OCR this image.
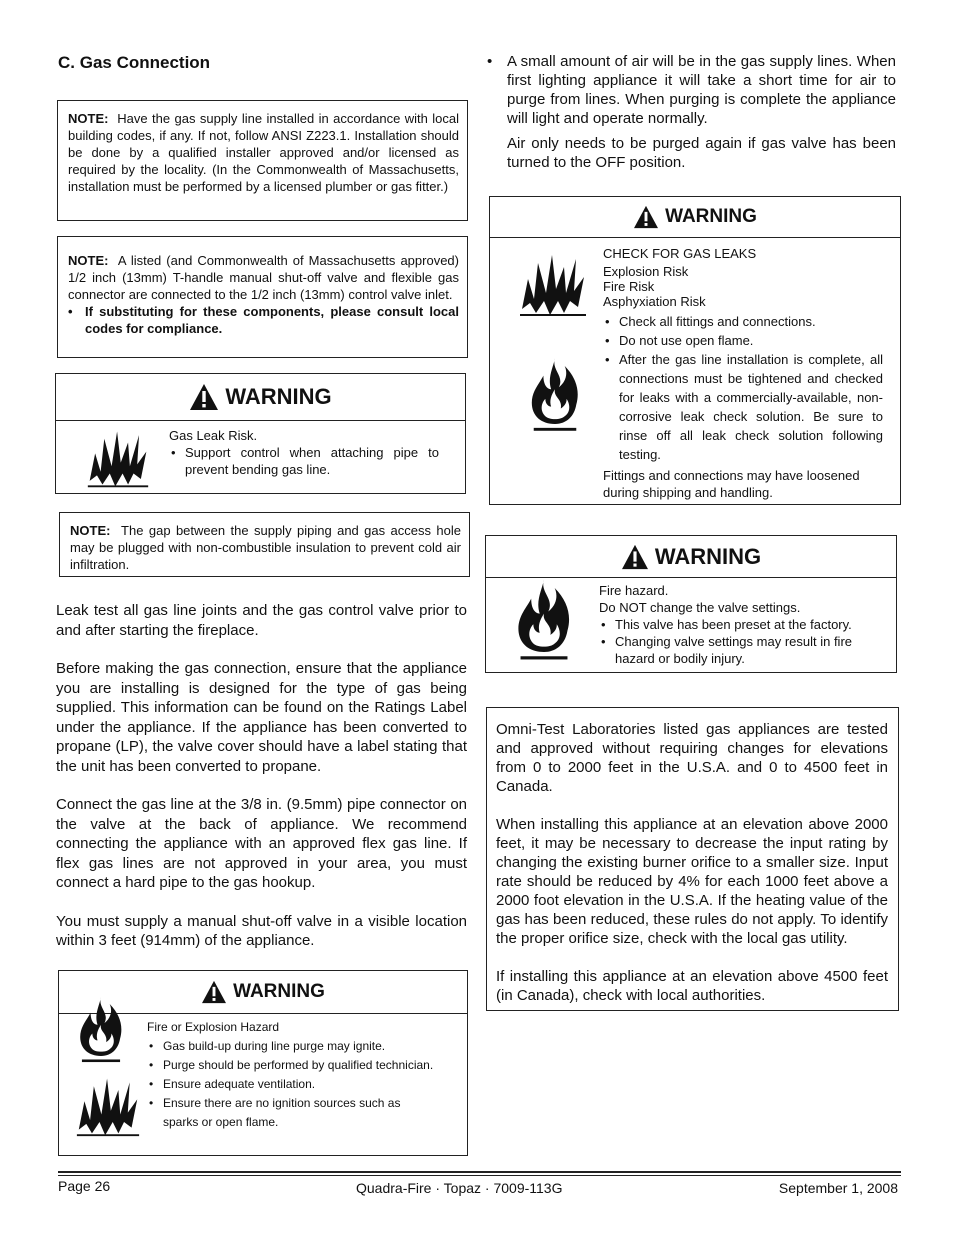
C. Gas Connection
NOTE: Have the gas supply line installed in accordance with local building codes, if any. If not, follow ANSI Z223.1. Installation should be done by a qualified installer approved and/or licensed as required by the locality. (In the Commonwealth of Massachusetts, installation must be performed by a licensed plumber or gas fitter.)
NOTE: A listed (and Commonwealth of Massachusetts approved) 1/2 inch (13mm) T-handle manual shut-off valve and flexible gas connector are connected to the 1/2 inch (13mm) control valve inlet.
• If substituting for these components, please consult local codes for compliance.
WARNING
Gas Leak Risk.
• Support control when attaching pipe to prevent bending gas line.
NOTE: The gap between the supply piping and gas access hole may be plugged with non-combustible insulation to prevent cold air infiltration.

Leak test all gas line joints and the gas control valve prior to and after starting the fireplace.

Before making the gas connection, ensure that the appliance you are installing is designed for the type of gas being supplied. This information can be found on the Ratings Label under the appliance. If the appliance has been converted to propane (LP), the valve cover should have a label stating that the unit has been converted to propane.

Connect the gas line at the 3/8 in. (9.5mm) pipe connector on the valve at the back of appliance. We recommend connecting the appliance with an approved flex gas line. If flex gas lines are not approved in your area, you must connect a hard pipe to the gas hookup.

You must supply a manual shut-off valve in a visible location within 3 feet (914mm) of the appliance.

WARNING
Fire or Explosion Hazard
• Gas build-up during line purge may ignite.
• Purge should be performed by qualified technician.
• Ensure adequate ventilation.
• Ensure there are no ignition sources such as sparks or open flame.
• A small amount of air will be in the gas supply lines. When first lighting appliance it will take a short time for air to purge from lines. When purging is complete the appliance will light and operate normally.
Air only needs to be purged again if gas valve has been turned to the OFF position.
WARNING
CHECK FOR GAS LEAKS
Explosion Risk
Fire Risk
Asphyxiation Risk
• Check all fittings and connections.
• Do not use open flame.
• After the gas line installation is complete, all connections must be tightened and checked for leaks with a commercially-available, non-corrosive leak check solution. Be sure to rinse off all leak check solution following testing.
Fittings and connections may have loosened during shipping and handling.
WARNING
Fire hazard.
Do NOT change the valve settings.
• This valve has been preset at the factory.
• Changing valve settings may result in fire hazard or bodily injury.

Omni-Test Laboratories listed gas appliances are tested and approved without requiring changes for elevations from 0 to 2000 feet in the U.S.A. and 0 to 4500 feet in Canada.

When installing this appliance at an elevation above 2000 feet, it may be necessary to decrease the input rating by changing the existing burner orifice to a smaller size. Input rate should be reduced by 4% for each 1000 feet above a 2000 foot elevation in the U.S.A. If the heating value of the gas has been reduced, these rules do not apply. To identify the proper orifice size, check with the local gas utility.

If installing this appliance at an elevation above 4500 feet (in Canada), check with local authorities.

Page 26	Quadra-Fire · Topaz · 7009-113G	September 1, 2008
